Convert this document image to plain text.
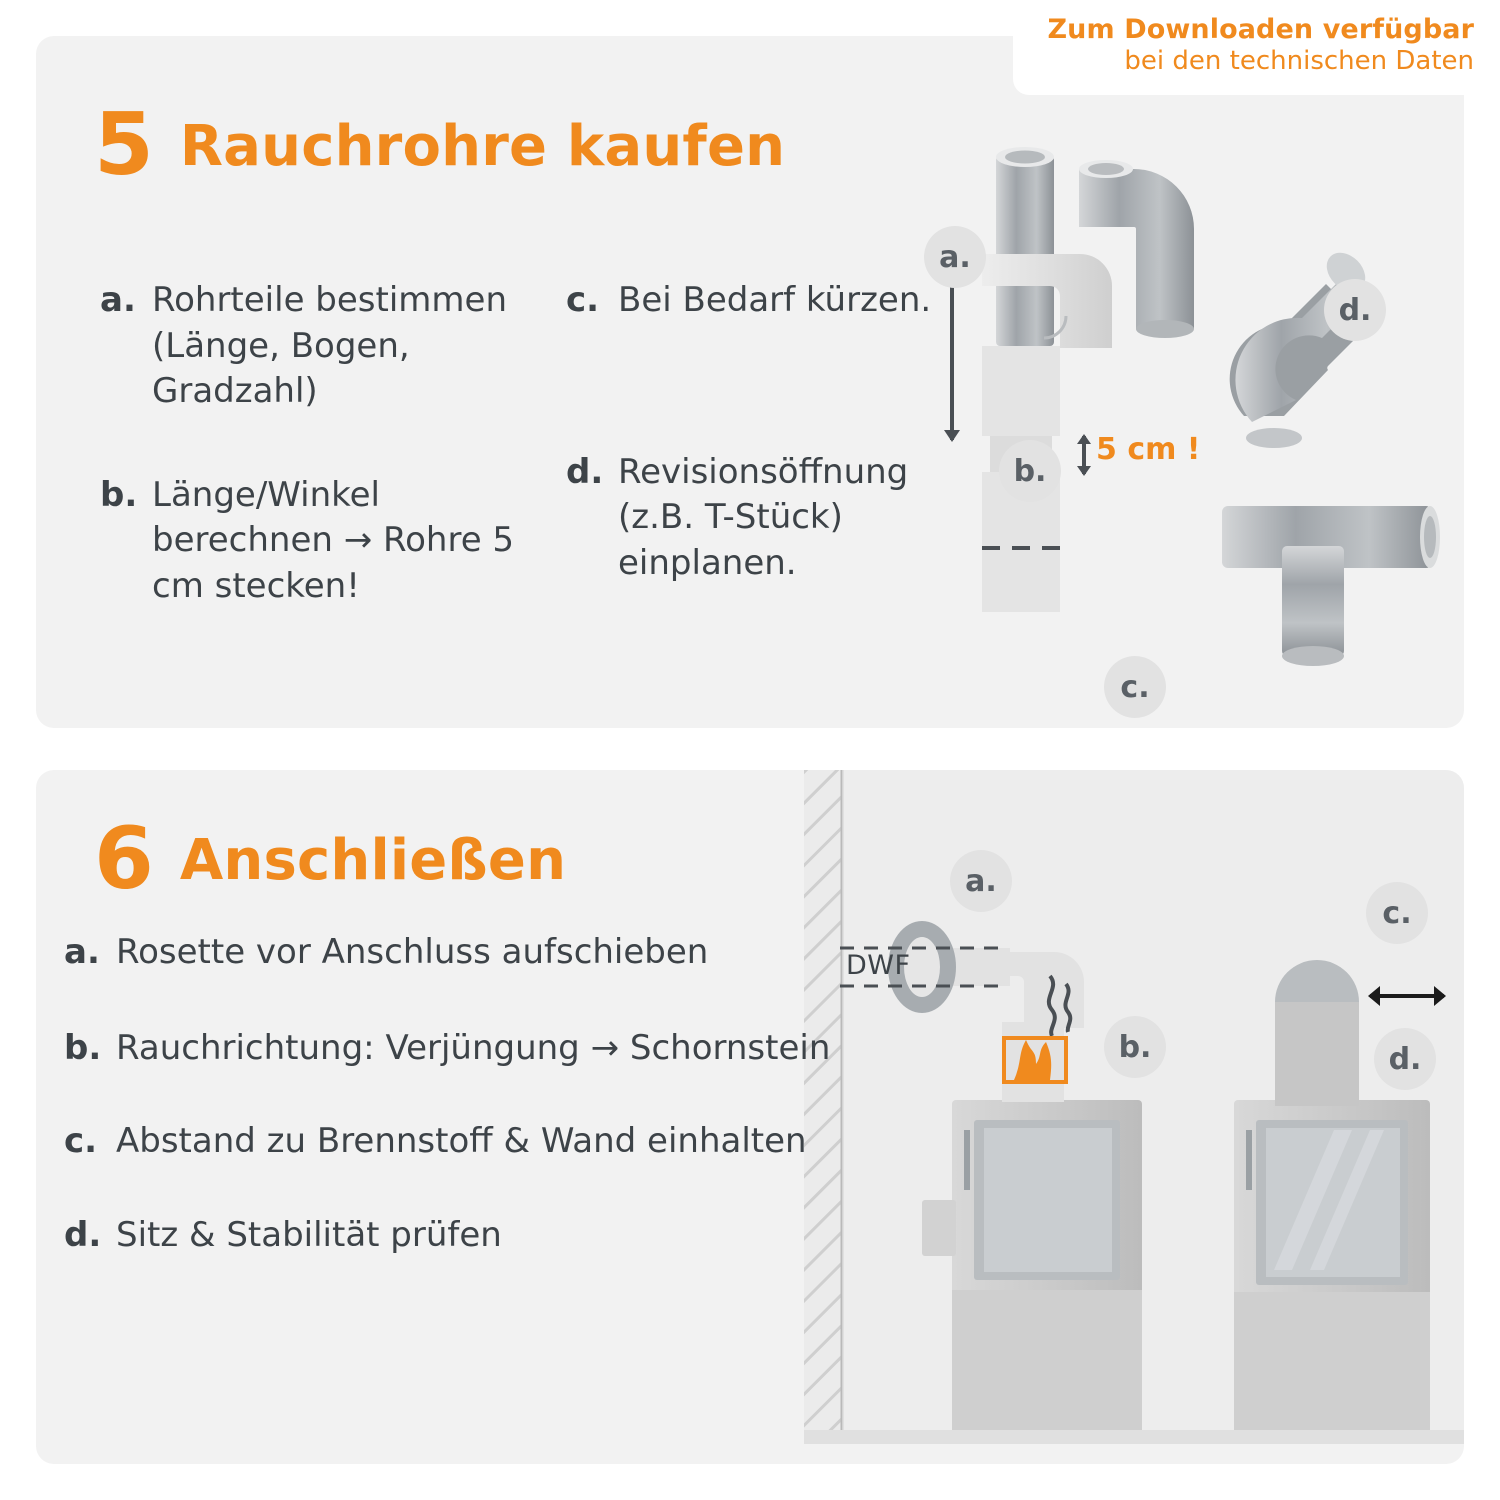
5 cm !
a.
b.
c.
d.
5 Rauchrohre kaufen
a. Rohrteile bestimmen (Länge, Bogen, Gradzahl)
b. Länge/Winkel berechnen → Rohre 5 cm stecken!
c. Bei Bedarf kürzen.
d. Revisionsöffnung (z.B. T-Stück) einplanen.
DWF
a.
b.
c.
d.
6 Anschließen
a. Rosette vor Anschluss aufschieben
b. Rauchrichtung: Verjüngung → Schornstein
c. Abstand zu Brennstoff & Wand einhalten
d. Sitz & Stabilität prüfen
Zum Downloaden verfügbar
bei den technischen Daten
